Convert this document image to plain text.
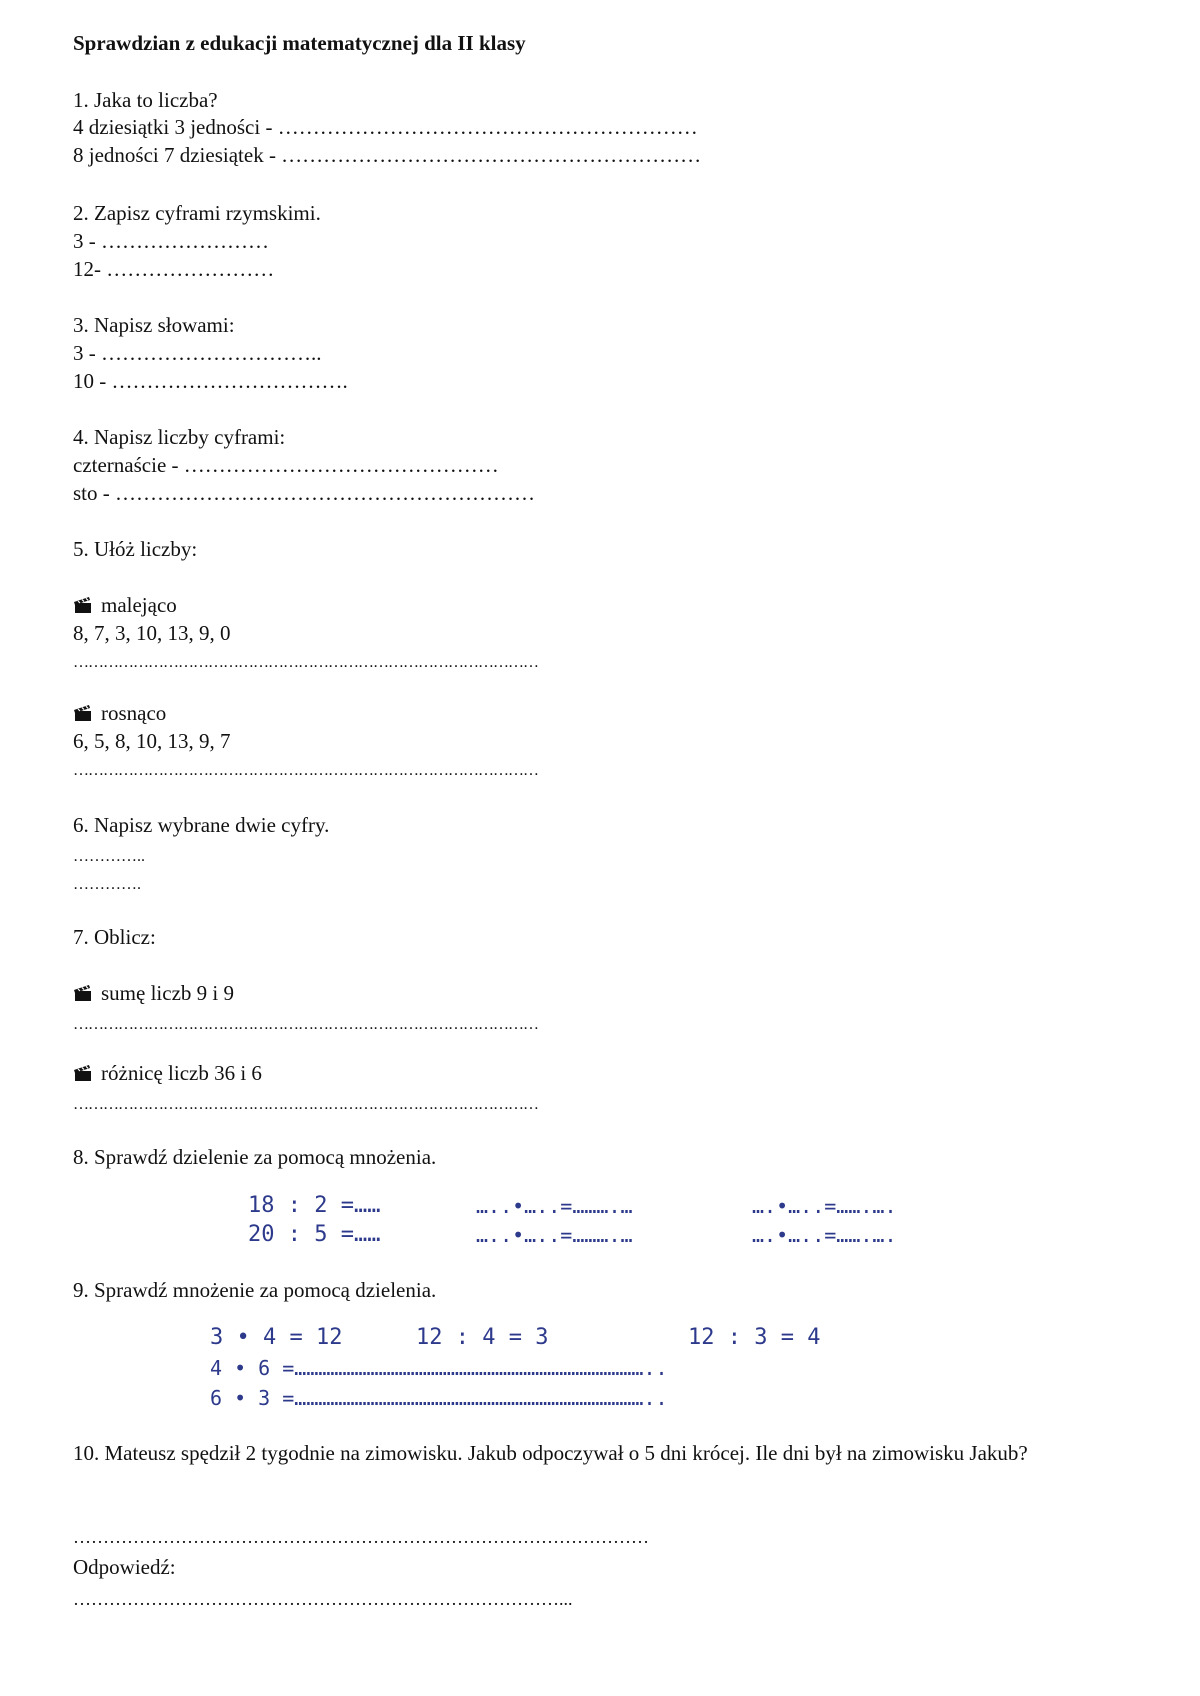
Sprawdzian z edukacji matematycznej dla II klasy

1. Jaka to liczba?

4 dziesiątki 3 jedności - ……………………………………………………

8 jedności 7 dziesiątek - ……………………………………………………

2. Zapisz cyframi rzymskimi.

3 - ……………………

12- ……………………

3. Napisz słowami:

3 - …………………………..

10 - …………………………….

4. Napisz liczby cyframi:

czternaście - ………………………………………

sto - ……………………………………………………

5. Ułóż liczby:

malejąco

8, 7, 3, 10, 13, 9, 0

…………………………………………………………………………………

rosnąco

6, 5, 8, 10, 13, 9, 7

…………………………………………………………………………………

6. Napisz wybrane dwie cyfry.

…………..

………….

7. Oblicz:

sumę liczb 9 i 9

…………………………………………………………………………………

różnicę liczb 36 i 6

…………………………………………………………………………………

8. Sprawdź dzielenie za pomocą mnożenia.

18 : 2 =……	…..•…..=……….…	….•…..=…….….

20 : 5 =……	…..•…..=……….…	….•…..=…….….

9. Sprawdź mnożenie za pomocą dzielenia.

3 • 4 = 12	12 : 4 = 3	12 : 3 = 4

4 • 6 =……………………………………………………………………………..

6 • 3 =……………………………………………………………………………..

10. Mateusz spędził 2 tygodnie na zimowisku. Jakub odpoczywał o 5 dni krócej. Ile dni był na zimowisku Jakub?

……………………………………………………………………………………

Odpowiedź:

………………………………………………………………………...
